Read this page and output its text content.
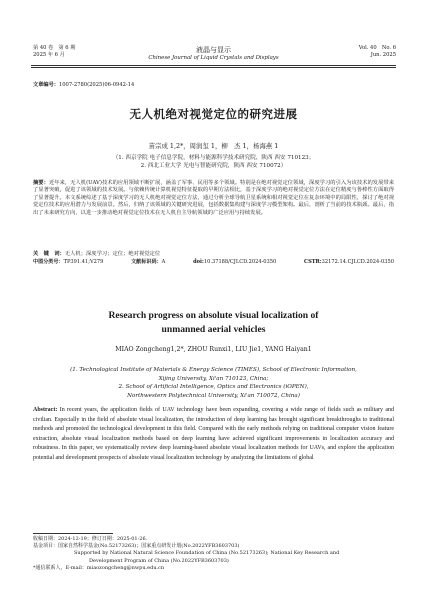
第 40 卷　第 6 期
2025 年 6 月
液晶与显示
Chinese Journal of Liquid Crystals and Displays
Vol. 40　No. 6
Jun. 2025
文章编号：1007-2780(2025)06-0942-14
无人机绝对视觉定位的研究进展
苗宗成 1,2*，周润玺 1，柳　杰 1，杨海燕 1
（1. 西京学院 电子信息学院，材料与能源科学技术研究院，陕西 西安 710123；
2. 西北工业大学 光电与智能研究院，陕西 西安 710072）
摘要：近年来，无人机(UAV)技术的应用领域不断扩展，涵盖了军事、民用等多个领域。特别是在绝对视觉定位领域，深度学习的引入为该技术的发展带来了显著突破，促进了该领域的技术发展。与依赖传统计算机视觉特征提取的早期方法相比，基于深度学习的绝对视觉定位方法在定位精度与鲁棒性方面取得了显著提升。本文系统综述了基于深度学习的无人机绝对视觉定位方法，通过分析全球导航卫星系统和相对视觉定位在复杂环境中的局限性，探讨了绝对视觉定位技术的应用潜力与发展前景。然后，归纳了该领域的关键研究进展，包括数据集构建与深度学习模型架构。最后，剖析了当前的技术瓶颈。最后，指出了未来研究方向，以进一步推动绝对视觉定位技术在无人机自主导航领域的广泛应用与持续发展。
关　键　词：无人机；深度学习；定位；绝对视觉定位
中图分类号：TP391.41;V279	文献标识码：A	doi:10.37188/CJLCD.2024-0350	CSTR:32172.14.CJLCD.2024-0350
Research progress on absolute visual localization of
unmanned aerial vehicles
MIAO Zongcheng1,2*, ZHOU Runxi1, LIU Jie1, YANG Haiyan1
(1. Technological Institute of Materials & Energy Science (TIMES), School of Electronic Information,
Xijing University, Xi'an 710123, China;
2. School of Artificial Intelligence, Optics and Electronics (iOPEN),
Northwestern Polytechnical University, Xi'an 710072, China)
Abstract: In recent years, the application fields of UAV technology have been expanding, covering a wide range of fields such as military and civilian. Especially in the field of absolute visual localization, the introduction of deep learning has brought significant breakthroughs to traditional methods and promoted the technological development in this field. Compared with the early methods relying on traditional computer vision feature extraction, absolute visual localization methods based on deep learning have achieved significant improvements in localization accuracy and robustness. In this paper, we systematically review deep learning-based absolute visual localization methods for UAVs, and explore the application potential and development prospects of absolute visual localization technology by analyzing the limitations of global
收稿日期：2024-12-19；修订日期：2025-01-26.
基金项目：国家自然科学基金(No.52173263)；国家重点研发计划(No.2022YFB3603703)
Supported by National Natural Science Foundation of China (No.52173263); National Key Research and
Development Program of China (No.2022YFB3603703)
*通信联系人，E-mail：miaozongcheng@nwpu.edu.cn
